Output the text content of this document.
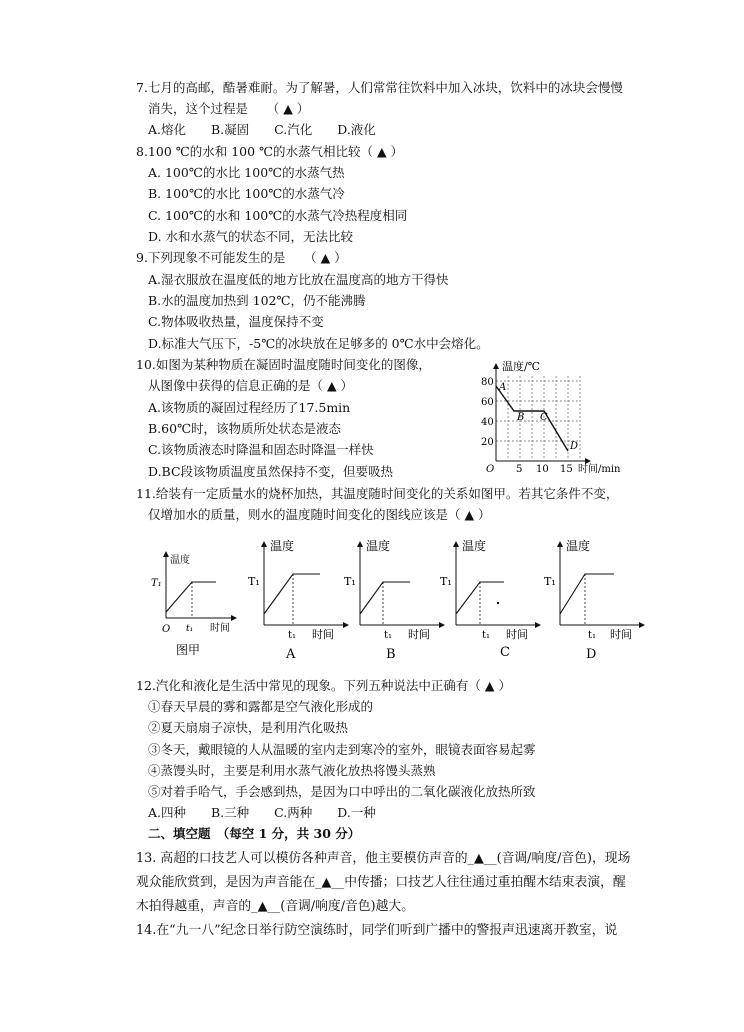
7.七月的高邮，酷暑难耐。为了解暑，人们常常往饮料中加入冰块，饮料中的冰块会慢慢
消失，这个过程是　　（ ▲ ）
A.熔化　　B.凝固　　C.汽化　　D.液化
8.100 ℃的水和 100 ℃的水蒸气相比较（ ▲ ）
A. 100℃的水比 100℃的水蒸气热
B. 100℃的水比 100℃的水蒸气冷
C. 100℃的水和 100℃的水蒸气冷热程度相同
D. 水和水蒸气的状态不同，无法比较
9.下列现象不可能发生的是　　（ ▲ ）
A.湿衣服放在温度低的地方比放在温度高的地方干得快
B.水的温度加热到 102℃，仍不能沸腾
C.物体吸收热量，温度保持不变
D.标准大气压下，-5℃的冰块放在足够多的 0℃水中会熔化。
10.如图为某种物质在凝固时温度随时间变化的图像，
从图像中获得的信息正确的是（ ▲ ）
A.该物质的凝固过程经历了17.5min
B.60℃时，该物质所处状态是液态
C.该物质液态时降温和固态时降温一样快
D.BC段该物质温度虽然保持不变，但要吸热
温度/℃
80
60
40
20
O 5 10 15 时间/min
A
B C
D
11.给装有一定质量水的烧杯加热，其温度随时间变化的关系如图甲。若其它条件不变，
仅增加水的质量，则水的温度随时间变化的图线应该是（ ▲ ）
温度
T₁
O t₁ 时间
图甲
温度
T₁
t₁ 时间
A
温度
T₁
t₁ 时间
B
温度
T₁
t₁ 时间
C
温度
T₁
t₁ 时间
D
12.汽化和液化是生活中常见的现象。下列五种说法中正确有（ ▲ ）
①春天早晨的雾和露都是空气液化形成的
②夏天扇扇子凉快，是利用汽化吸热
③冬天，戴眼镜的人从温暖的室内走到寒冷的室外，眼镜表面容易起雾
④蒸馒头时，主要是利用水蒸气液化放热将馒头蒸熟
⑤对着手哈气，手会感到热，是因为口中呼出的二氧化碳液化放热所致
A.四种　　B.三种　　C.两种　　D.一种
二、填空题　（每空 1 分，共 30 分）
13. 高超的口技艺人可以模仿各种声音，他主要模仿声音的_▲__(音调/响度/音色)，现场
观众能欣赏到，是因为声音能在_▲__中传播；口技艺人往往通过重拍醒木结束表演，醒
木拍得越重，声音的_▲__(音调/响度/音色)越大。
14.在“九一八”纪念日举行防空演练时，同学们听到广播中的警报声迅速离开教室，说
